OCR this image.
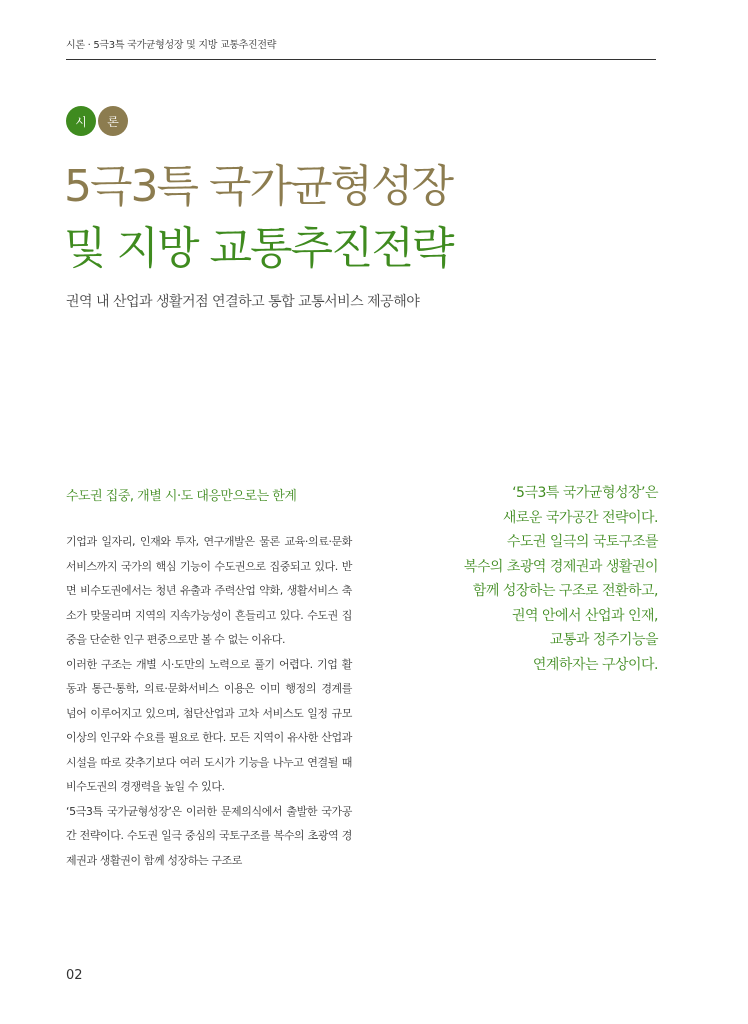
시론 · 5극3특 국가균형성장 및 지방 교통추진전략
시	론
5극3특 국가균형성장
및 지방 교통추진전략
권역 내 산업과 생활거점 연결하고 통합 교통서비스 제공해야
수도권 집중, 개별 시·도 대응만으로는 한계

기업과 일자리, 인재와 투자, 연구개발은 물론 교육·의료·문화서비스까지 국가의 핵심 기능이 수도권으로 집중되고 있다. 반면 비수도권에서는 청년 유출과 주력산업 약화, 생활서비스 축소가 맞물리며 지역의 지속가능성이 흔들리고 있다. 수도권 집중을 단순한 인구 편중으로만 볼 수 없는 이유다.

이러한 구조는 개별 시·도만의 노력으로 풀기 어렵다. 기업 활동과 통근·통학, 의료·문화서비스 이용은 이미 행정의 경계를 넘어 이루어지고 있으며, 첨단산업과 고차 서비스도 일정 규모 이상의 인구와 수요를 필요로 한다. 모든 지역이 유사한 산업과 시설을 따로 갖추기보다 여러 도시가 기능을 나누고 연결될 때 비수도권의 경쟁력을 높일 수 있다.

‘5극3특 국가균형성장’은 이러한 문제의식에서 출발한 국가공간 전략이다. 수도권 일극 중심의 국토구조를 복수의 초광역 경제권과 생활권이 함께 성장하는 구조로

‘5극3특 국가균형성장’은
새로운 국가공간 전략이다.
수도권 일극의 국토구조를
복수의 초광역 경제권과 생활권이
함께 성장하는 구조로 전환하고,
권역 안에서 산업과 인재,
교통과 정주기능을
연계하자는 구상이다.
02
